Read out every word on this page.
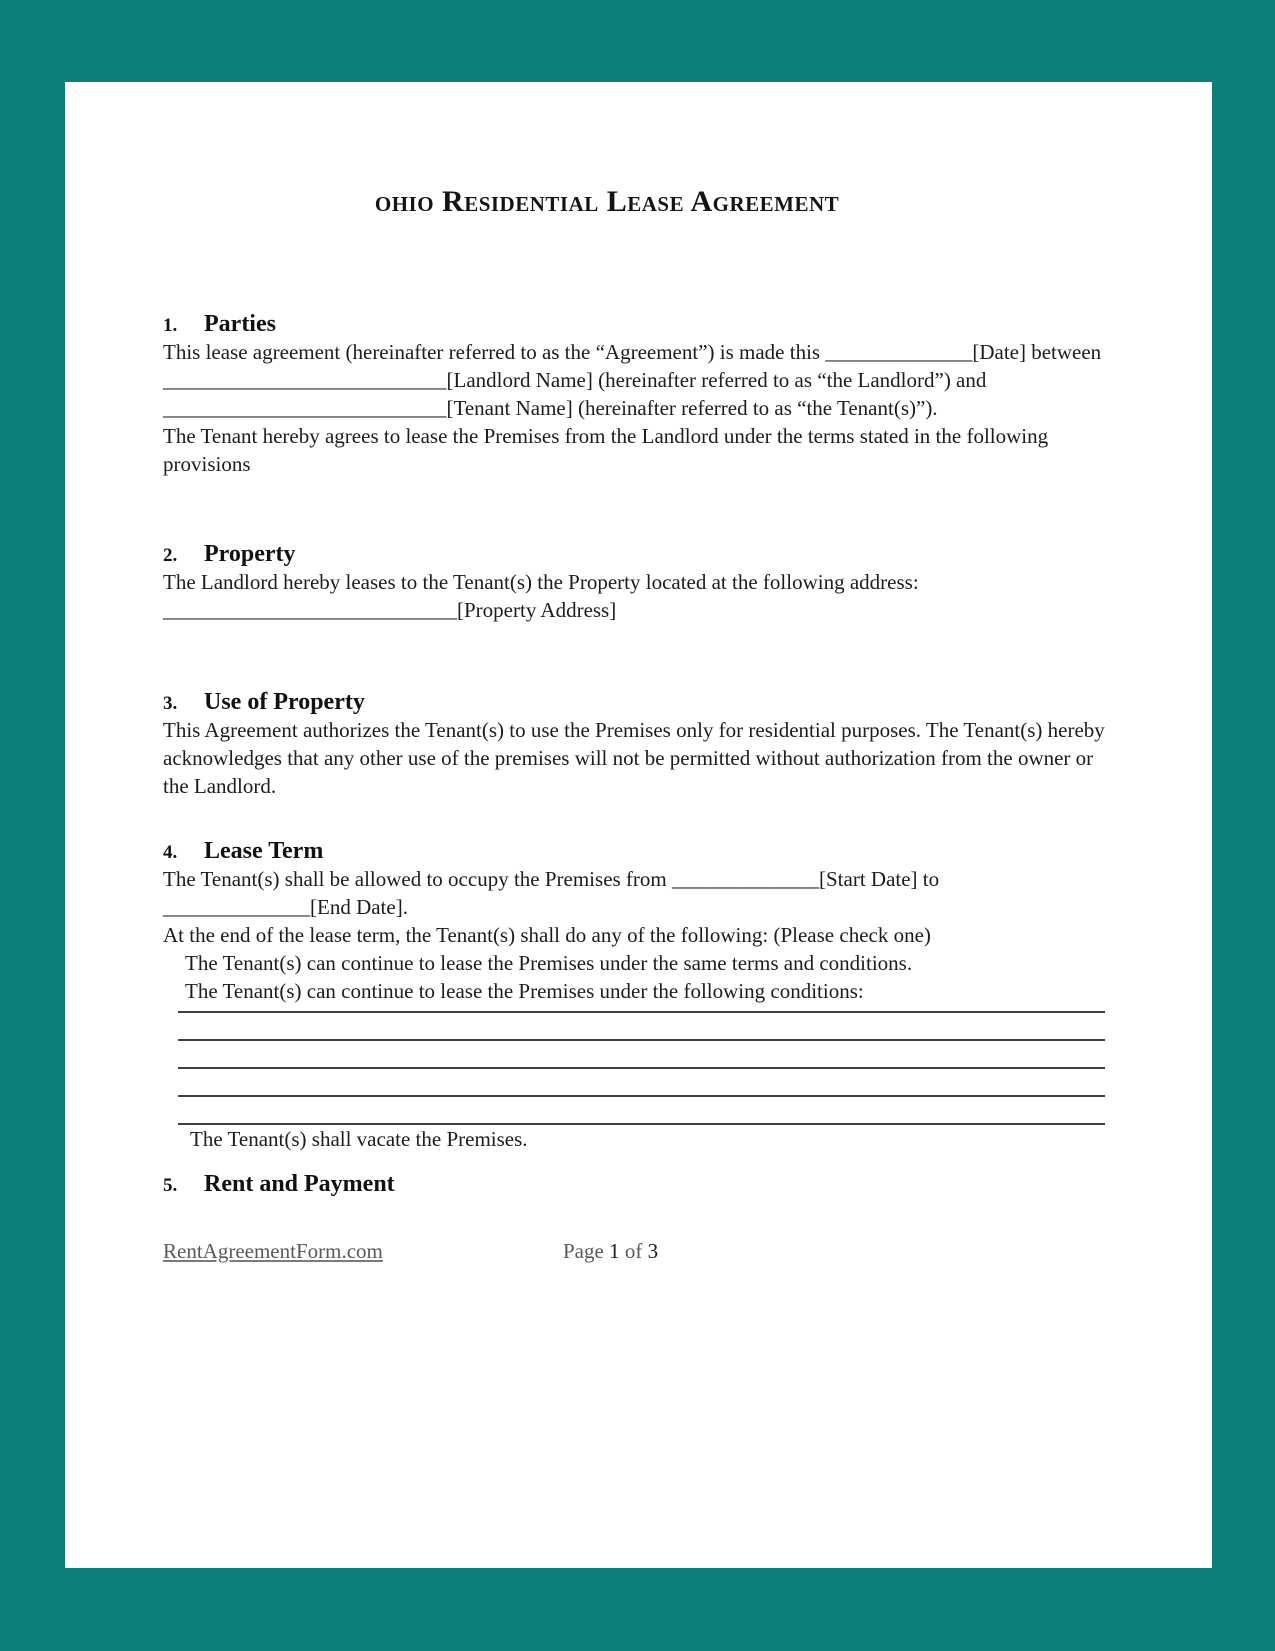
ohio Residential Lease Agreement
1.	Parties

This lease agreement (hereinafter referred to as the “Agreement”) is made this ______________[Date] between ___________________________[Landlord Name] (hereinafter referred to as “the Landlord”) and ___________________________[Tenant Name] (hereinafter referred to as “the Tenant(s)”).

The Tenant hereby agrees to lease the Premises from the Landlord under the terms stated in the following provisions

2.	Property

The Landlord hereby leases to the Tenant(s) the Property located at the following address:

____________________________[Property Address]

3.	Use of Property

This Agreement authorizes the Tenant(s) to use the Premises only for residential purposes. The Tenant(s) hereby acknowledges that any other use of the premises will not be permitted without authorization from the owner or the Landlord.

4.	Lease Term

The Tenant(s) shall be allowed to occupy the Premises from ______________[Start Date] to ______________[End Date].

At the end of the lease term, the Tenant(s) shall do any of the following: (Please check one)

The Tenant(s) can continue to lease the Premises under the same terms and conditions.

The Tenant(s) can continue to lease the Premises under the following conditions:

The Tenant(s) shall vacate the Premises.

5.	Rent and Payment
RentAgreementForm.com	Page 1 of 3
